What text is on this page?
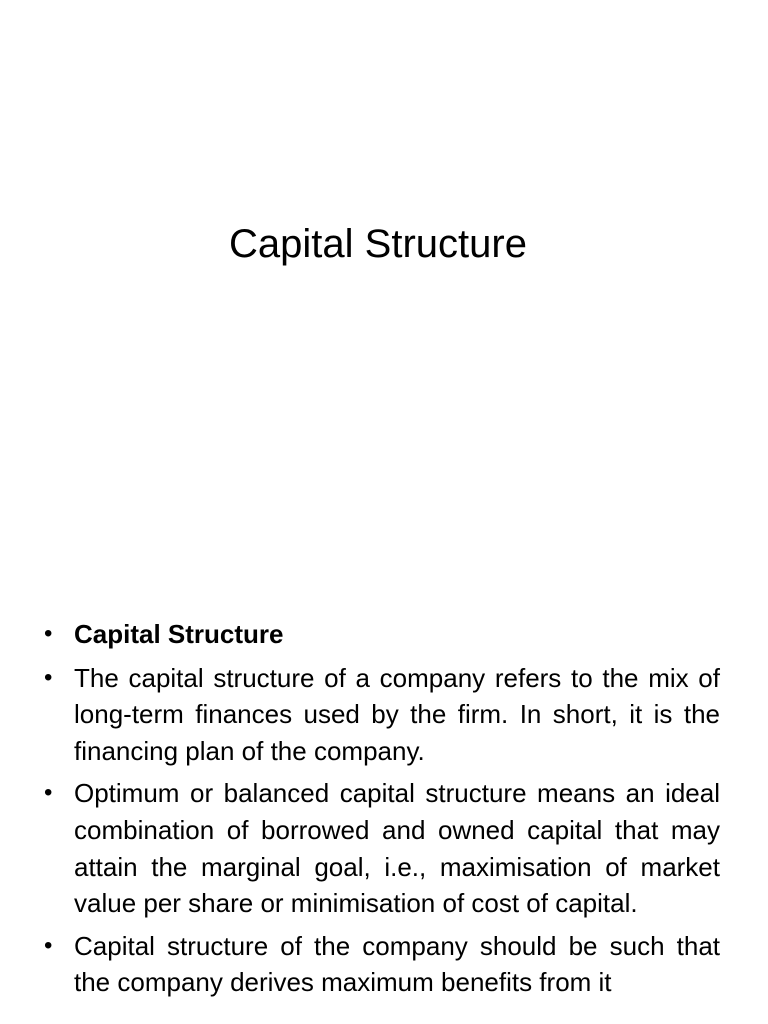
Capital Structure
• Capital Structure
• The capital structure of a company refers to the mix of long-term finances used by the firm. In short, it is the financing plan of the company.
• Optimum or balanced capital structure means an ideal combination of borrowed and owned capital that may attain the marginal goal, i.e., maximisation of market value per share or minimisation of cost of capital.
• Capital structure of the company should be such that the company derives maximum benefits from it
